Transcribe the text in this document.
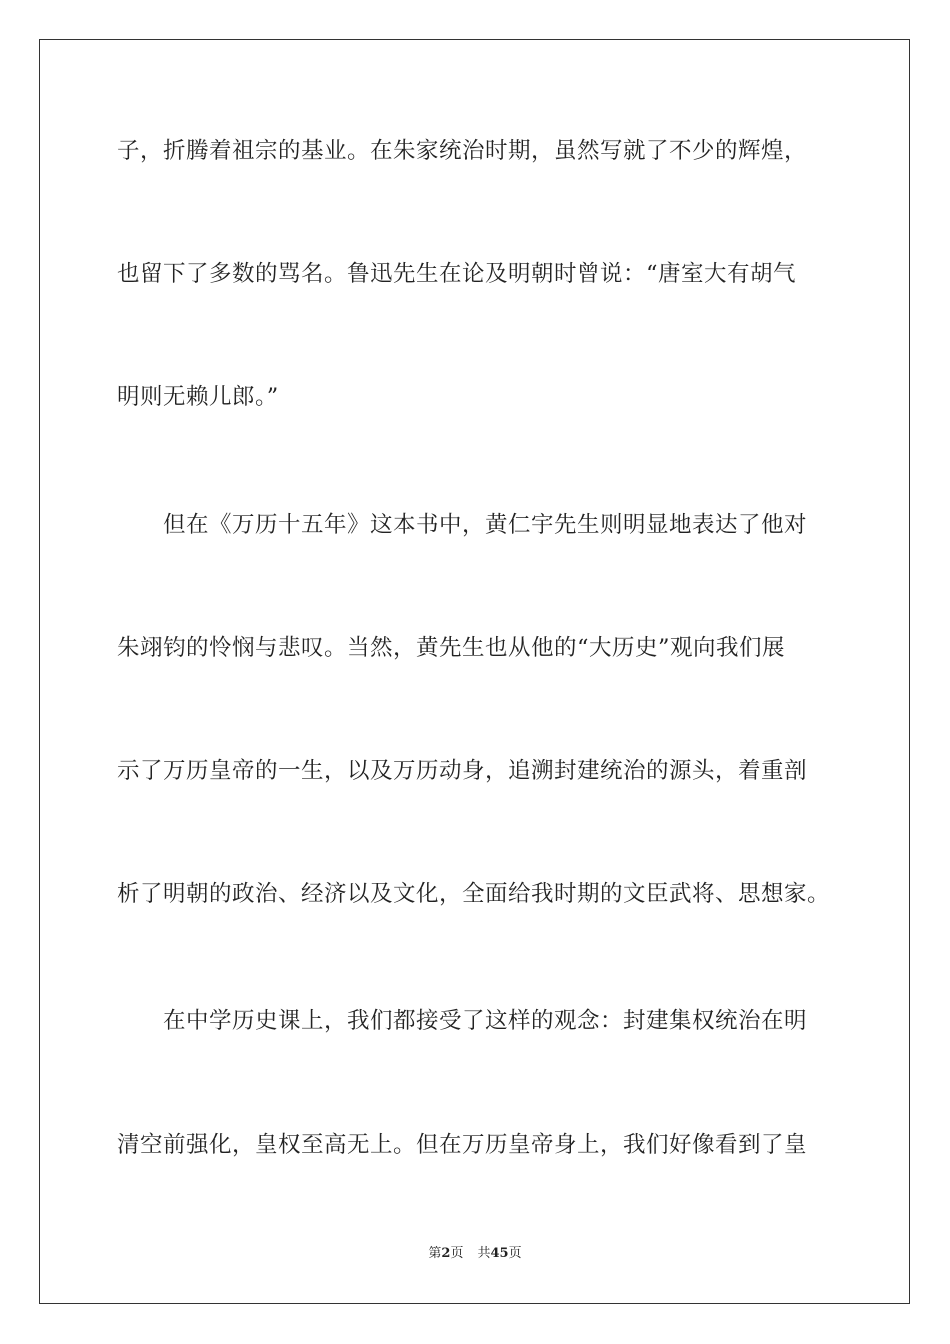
子，折腾着祖宗的基业。在朱家统治时期，虽然写就了不少的辉煌，
也留下了多数的骂名。鲁迅先生在论及明朝时曾说：“唐室大有胡气
明则无赖儿郎。”
　　但在《万历十五年》这本书中，黄仁宇先生则明显地表达了他对
朱翊钧的怜悯与悲叹。当然，黄先生也从他的“大历史”观向我们展
示了万历皇帝的一生，以及万历动身，追溯封建统治的源头，着重剖
析了明朝的政治、经济以及文化，全面给我时期的文臣武将、思想家。
　　在中学历史课上，我们都接受了这样的观念：封建集权统治在明
清空前强化，皇权至高无上。但在万历皇帝身上，我们好像看到了皇
第2页 共45页
